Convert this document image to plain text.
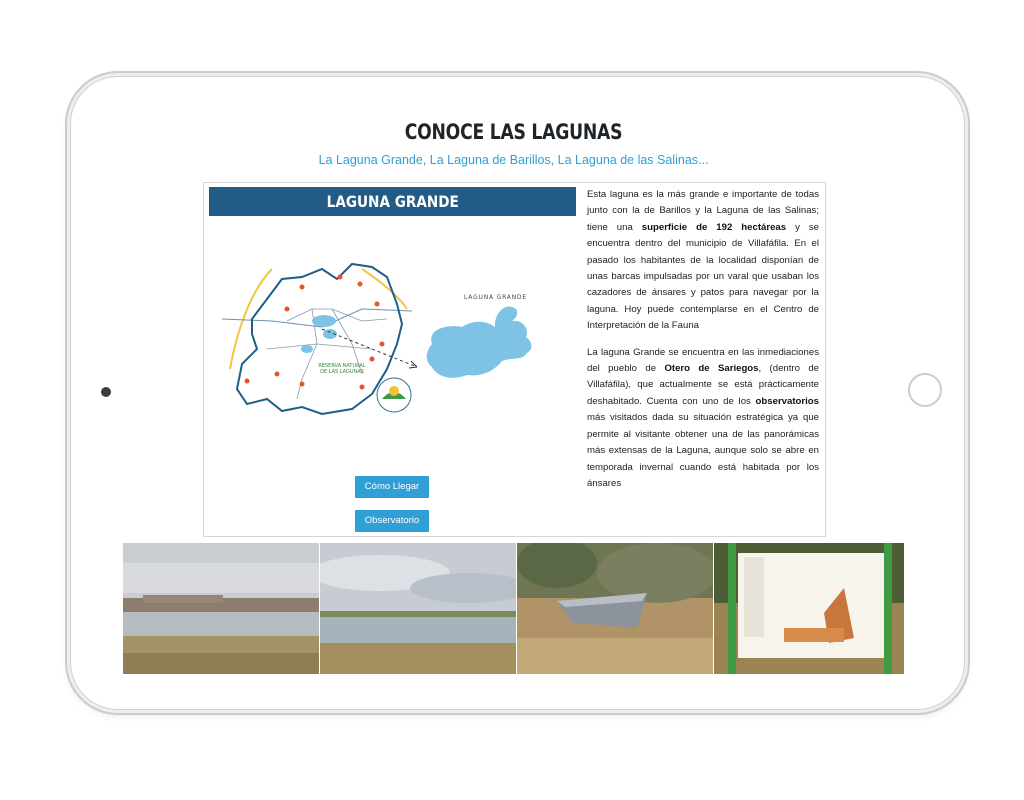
CONOCE LAS LAGUNAS
La Laguna Grande, La Laguna de Barillos, La Laguna de las Salinas...
LAGUNA GRANDE
RESERVA NATURAL
DE LAS LAGUNAS
LAGUNA GRANDE
Cómo Llegar
Observatorio

Esta laguna es la más grande e importante de todas junto con la de Barillos y la Laguna de las Salinas; tiene una superficie de 192 hectáreas y se encuentra dentro del municipio de Villafáfila. En el pasado los habitantes de la localidad disponían de unas barcas impulsadas por un varal que usaban los cazadores de ánsares y patos para navegar por la laguna. Hoy puede contemplarse en el Centro de Interpretación de la Fauna

La laguna Grande se encuentra en las inmediaciones del pueblo de Otero de Sariegos, (dentro de Villafáfila), que actualmente se está prácticamente deshabitado. Cuenta con uno de los observatorios más visitados dada su situación estratégica ya que permite al visitante obtener una de las panorámicas más extensas de la Laguna, aunque solo se abre en temporada invernal cuando está habitada por los ánsares
